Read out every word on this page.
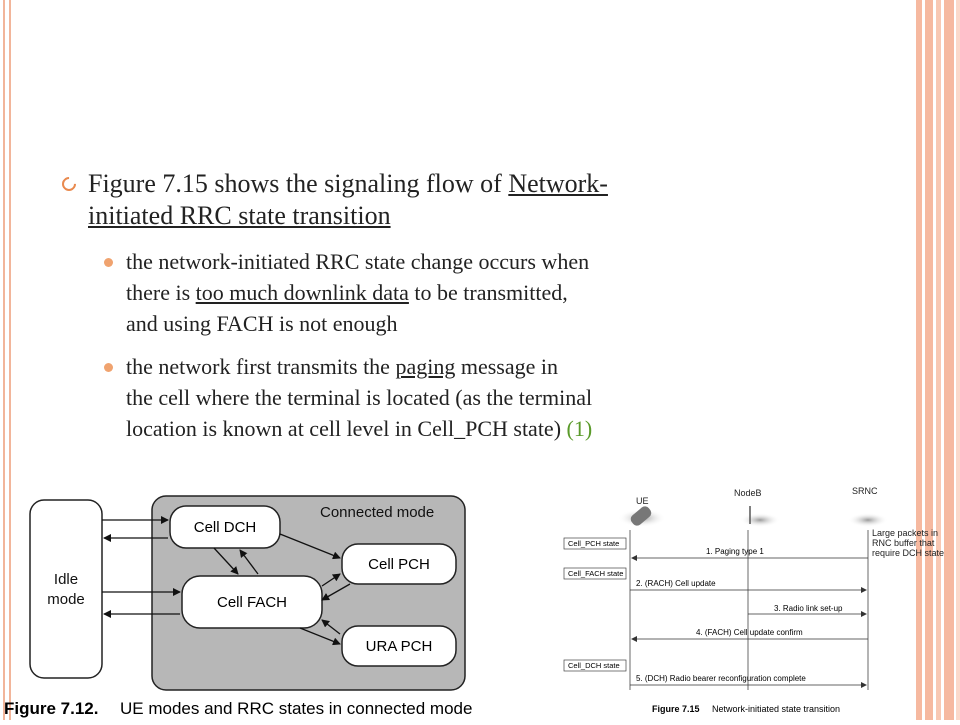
Figure 7.15 shows the signaling flow of Network-
initiated RRC state transition
the network-initiated RRC state change occurs when
there is too much downlink data to be transmitted,
and using FACH is not enough
the network first transmits the paging message in
the cell where the terminal is located (as the terminal
location is known at cell level in Cell_PCH state) (1)
Connected mode
Idle
mode
Cell DCH
Cell FACH
Cell PCH
URA PCH
Figure 7.12. UE modes and RRC states in connected mode
UE
NodeB	SRNC
Large packets in
RNC buffer that
require DCH state
Cell_PCH state
Cell_FACH state
Cell_DCH state
1. Paging type 1
2. (RACH) Cell update
3. Radio link set-up
4. (FACH) Cell update confirm
5. (DCH) Radio bearer reconfiguration complete
Figure 7.15 Network-initiated state transition
